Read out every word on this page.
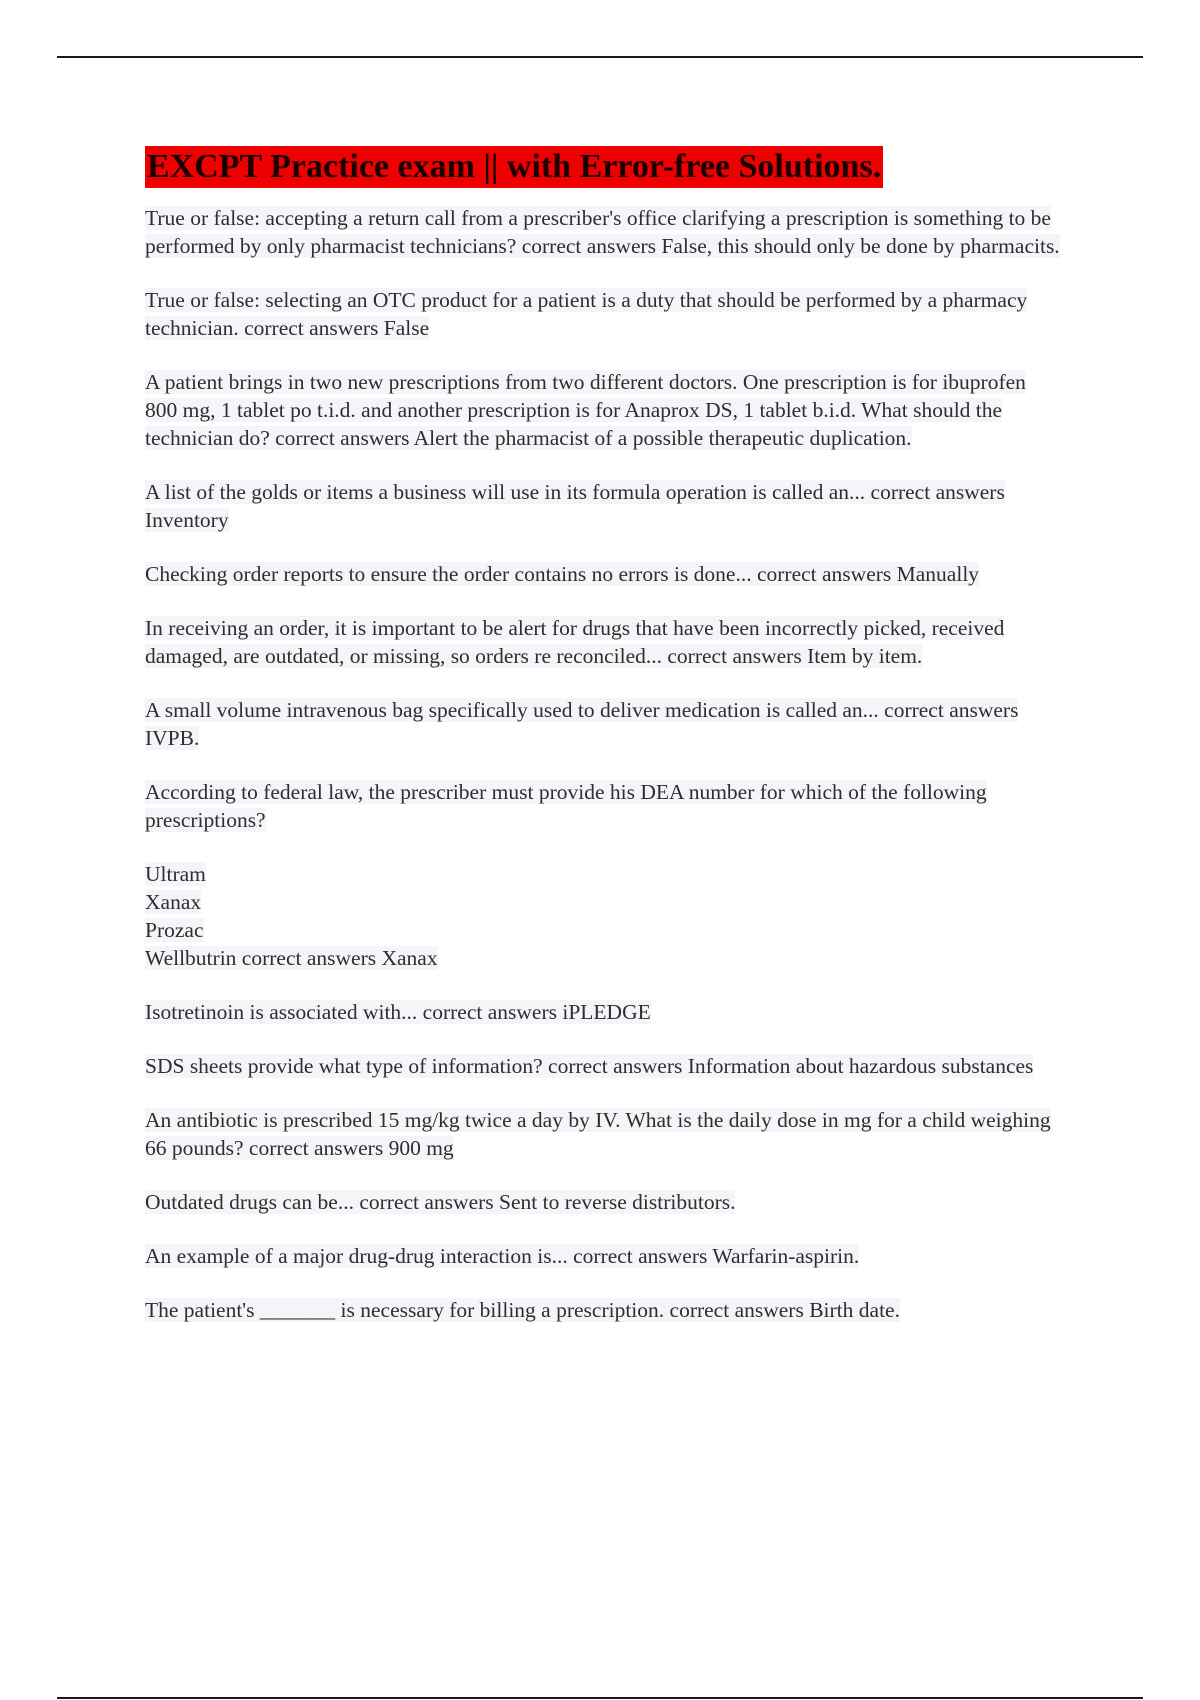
EXCPT Practice exam || with Error-free Solutions.

True or false: accepting a return call from a prescriber's office clarifying a prescription is something to be performed by only pharmacist technicians? correct answers False, this should only be done by pharmacits.

True or false: selecting an OTC product for a patient is a duty that should be performed by a pharmacy technician. correct answers False

A patient brings in two new prescriptions from two different doctors. One prescription is for ibuprofen 800 mg, 1 tablet po t.i.d. and another prescription is for Anaprox DS, 1 tablet b.i.d. What should the technician do? correct answers Alert the pharmacist of a possible therapeutic duplication.

A list of the golds or items a business will use in its formula operation is called an... correct answers Inventory

Checking order reports to ensure the order contains no errors is done... correct answers Manually

In receiving an order, it is important to be alert for drugs that have been incorrectly picked, received damaged, are outdated, or missing, so orders re reconciled... correct answers Item by item.

A small volume intravenous bag specifically used to deliver medication is called an... correct answers IVPB.

According to federal law, the prescriber must provide his DEA number for which of the following prescriptions?

Ultram
Xanax
Prozac
Wellbutrin correct answers Xanax

Isotretinoin is associated with... correct answers iPLEDGE

SDS sheets provide what type of information? correct answers Information about hazardous substances

An antibiotic is prescribed 15 mg/kg twice a day by IV. What is the daily dose in mg for a child weighing 66 pounds? correct answers 900 mg

Outdated drugs can be... correct answers Sent to reverse distributors.

An example of a major drug-drug interaction is... correct answers Warfarin-aspirin.

The patient's _______ is necessary for billing a prescription. correct answers Birth date.
